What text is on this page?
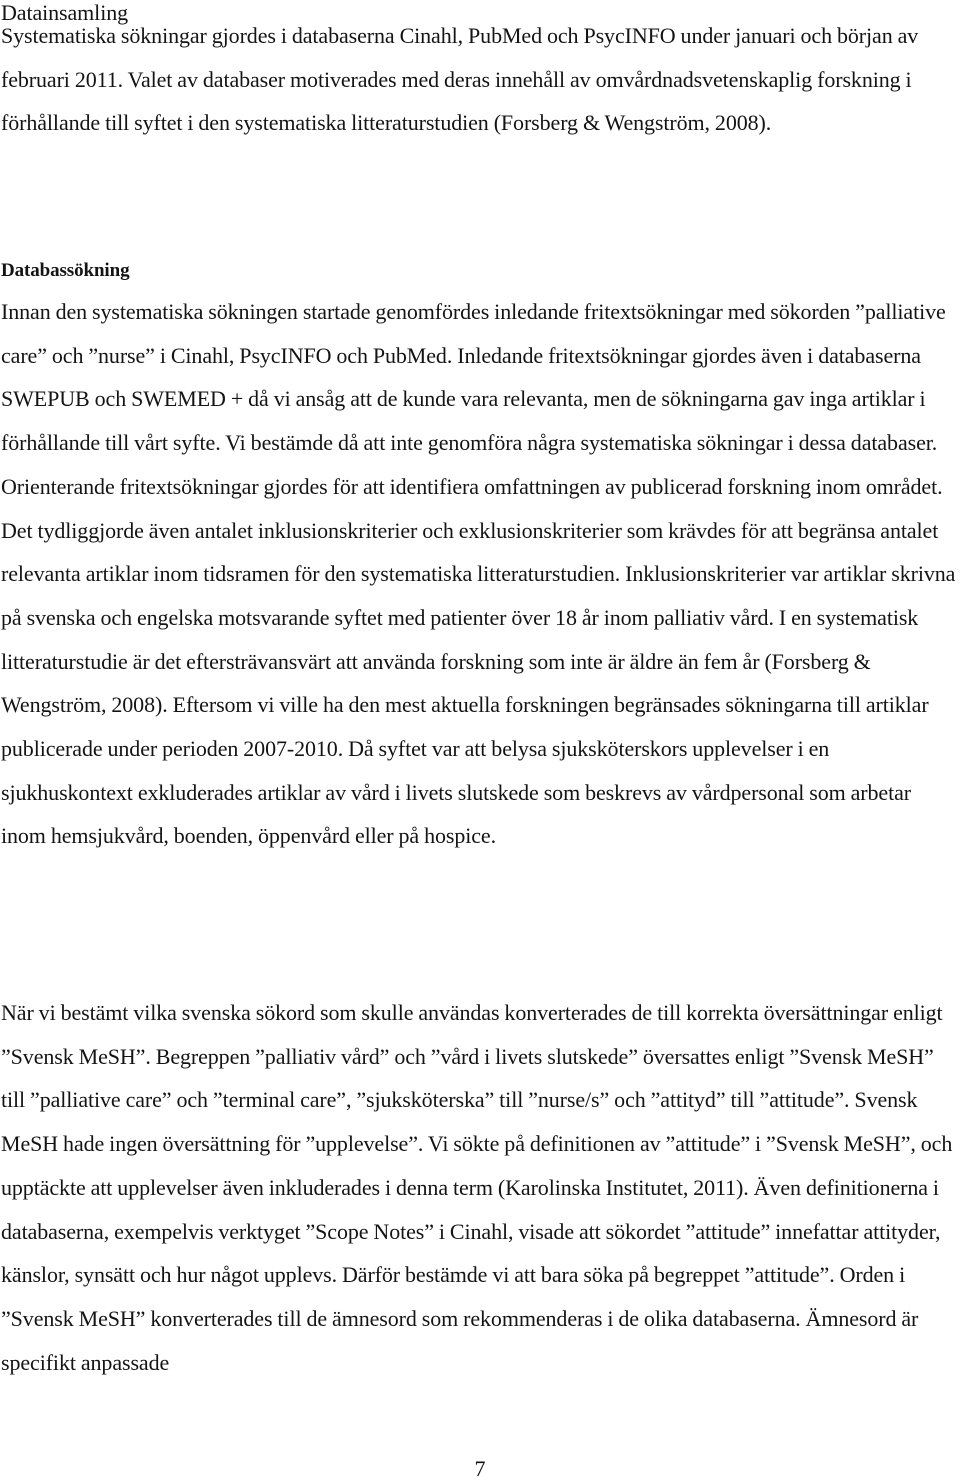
Datainsamling

Systematiska sökningar gjordes i databaserna Cinahl, PubMed och PsycINFO under januari och början av februari 2011. Valet av databaser motiverades med deras innehåll av omvårdnadsvetenskaplig forskning i förhållande till syftet i den systematiska litteraturstudien (Forsberg & Wengström, 2008).

Databassökning

Innan den systematiska sökningen startade genomfördes inledande fritextsökningar med sökorden ”palliative care” och ”nurse” i Cinahl, PsycINFO och PubMed. Inledande fritextsökningar gjordes även i databaserna SWEPUB och SWEMED + då vi ansåg att de kunde vara relevanta, men de sökningarna gav inga artiklar i förhållande till vårt syfte. Vi bestämde då att inte genomföra några systematiska sökningar i dessa databaser. Orienterande fritextsökningar gjordes för att identifiera omfattningen av publicerad forskning inom området. Det tydliggjorde även antalet inklusionskriterier och exklusionskriterier som krävdes för att begränsa antalet relevanta artiklar inom tidsramen för den systematiska litteraturstudien. Inklusionskriterier var artiklar skrivna på svenska och engelska motsvarande syftet med patienter över 18 år inom palliativ vård. I en systematisk litteraturstudie är det eftersträvansvärt att använda forskning som inte är äldre än fem år (Forsberg & Wengström, 2008). Eftersom vi ville ha den mest aktuella forskningen begränsades sökningarna till artiklar publicerade under perioden 2007-2010. Då syftet var att belysa sjuksköterskors upplevelser i en sjukhuskontext exkluderades artiklar av vård i livets slutskede som beskrevs av vårdpersonal som arbetar inom hemsjukvård, boenden, öppenvård eller på hospice.

När vi bestämt vilka svenska sökord som skulle användas konverterades de till korrekta översättningar enligt ”Svensk MeSH”. Begreppen ”palliativ vård” och ”vård i livets slutskede” översattes enligt ”Svensk MeSH” till ”palliative care” och ”terminal care”, ”sjuksköterska” till ”nurse/s” och ”attityd” till ”attitude”. Svensk MeSH hade ingen översättning för ”upplevelse”. Vi sökte på definitionen av ”attitude” i ”Svensk MeSH”, och upptäckte att upplevelser även inkluderades i denna term (Karolinska Institutet, 2011). Även definitionerna i databaserna, exempelvis verktyget ”Scope Notes” i Cinahl, visade att sökordet ”attitude” innefattar attityder, känslor, synsätt och hur något upplevs. Därför bestämde vi att bara söka på begreppet ”attitude”. Orden i ”Svensk MeSH” konverterades till de ämnesord som rekommenderas i de olika databaserna. Ämnesord är specifikt anpassade

7
